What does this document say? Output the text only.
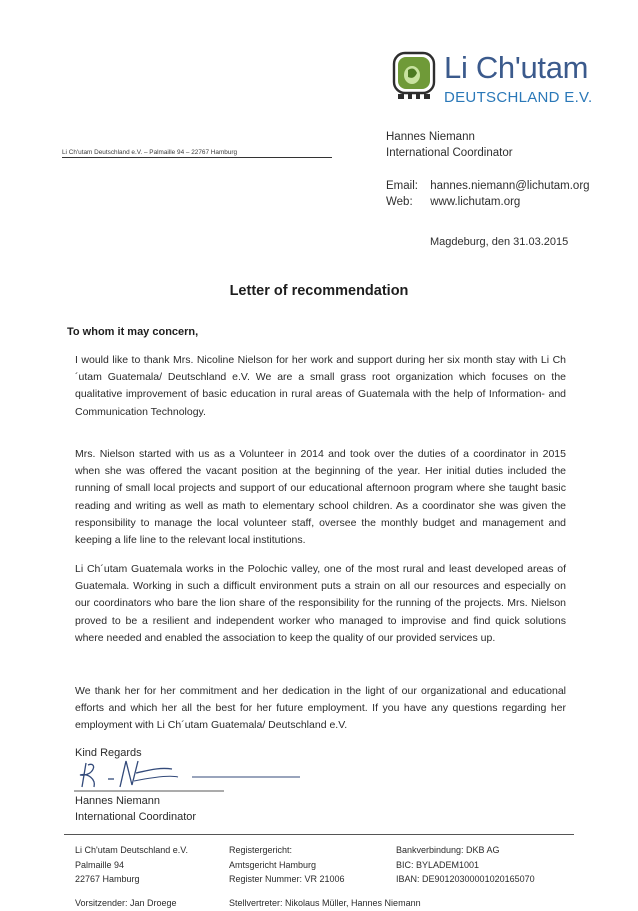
Li Ch'utam
DEUTSCHLAND E.V.
Li Ch'utam Deutschland e.V. – Palmaille 94 – 22767 Hamburg
Hannes Niemann
International Coordinator
Email: hannes.niemann@lichutam.org
Web: www.lichutam.org
Magdeburg, den 31.03.2015
Letter of recommendation
To whom it may concern,
I would like to thank Mrs. Nicoline Nielson for her work and support during her six month stay with Li Ch´utam Guatemala/ Deutschland e.V. We are a small grass root organization which focuses on the qualitative improvement of basic education in rural areas of Guatemala with the help of Information- and Communication Technology.
Mrs. Nielson started with us as a Volunteer in 2014 and took over the duties of a coordinator in 2015 when she was offered the vacant position at the beginning of the year. Her initial duties included the running of small local projects and support of our educational afternoon program where she taught basic reading and writing as well as math to elementary school children. As a coordinator she was given the responsibility to manage the local volunteer staff, oversee the monthly budget and management and keeping a life line to the relevant local institutions.
Li Ch´utam Guatemala works in the Polochic valley, one of the most rural and least developed areas of Guatemala. Working in such a difficult environment puts a strain on all our resources and especially on our coordinators who bare the lion share of the responsibility for the running of the projects. Mrs. Nielson proved to be a resilient and independent worker who managed to improvise and find quick solutions where needed and enabled the association to keep the quality of our provided services up.
We thank her for her commitment and her dedication in the light of our organizational and educational efforts and which her all the best for her future employment. If you have any questions regarding her employment with Li Ch´utam Guatemala/ Deutschland e.V.
Kind Regards
Hannes Niemann
International Coordinator
Li Ch'utam Deutschland e.V.
Palmaille 94
22767 Hamburg
Registergericht:
Amtsgericht Hamburg
Register Nummer: VR 21006
Bankverbindung: DKB AG
BIC: BYLADEM1001
IBAN: DE90120300001020165070
Vorsitzender: Jan Droege	Stellvertreter: Nikolaus Müller, Hannes Niemann
